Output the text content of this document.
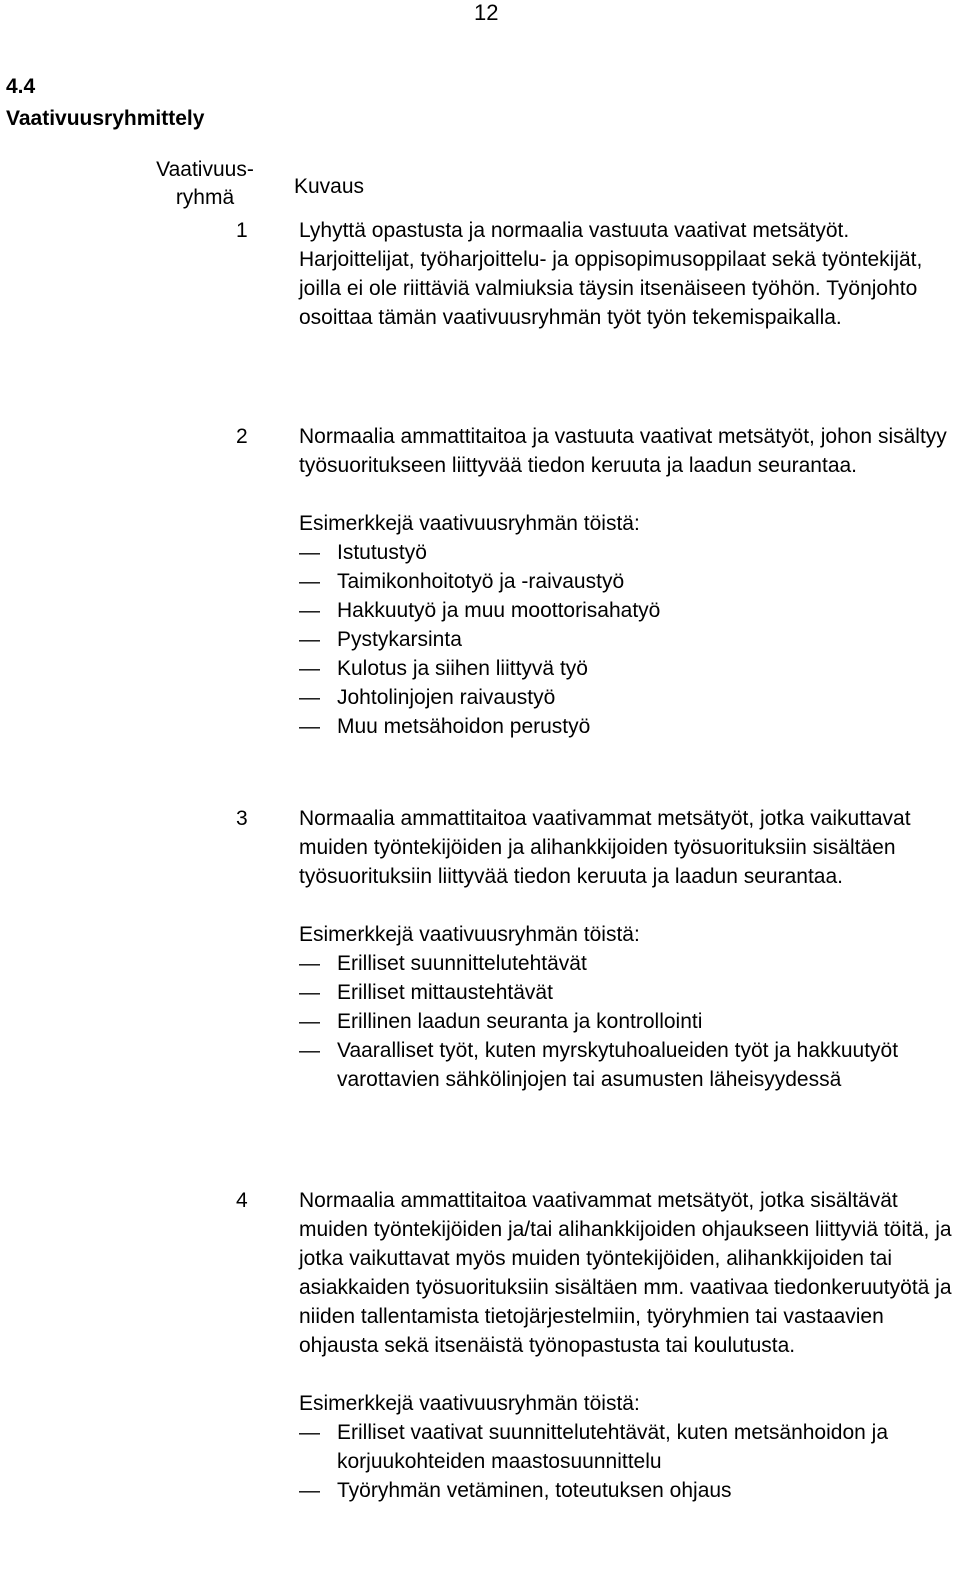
12
4.4
Vaativuusryhmittely
Vaativuus-
ryhmä	Kuvaus
1	Lyhyttä opastusta ja normaalia vastuuta vaativat metsätyöt. Harjoittelijat, työharjoittelu- ja oppisopimusoppilaat sekä työntekijät, joilla ei ole riittäviä valmiuksia täysin itsenäiseen työhön. Työnjohto osoittaa tämän vaativuusryhmän työt työn tekemispaikalla.

2	Normaalia ammattitaitoa ja vastuuta vaativat metsätyöt, johon sisältyy työsuoritukseen liittyvää tiedon keruuta ja laadun seurantaa.

Esimerkkejä vaativuusryhmän töistä:

— Istutustyö
— Taimikonhoitotyö ja -raivaustyö
— Hakkuutyö ja muu moottorisahatyö
— Pystykarsinta
— Kulotus ja siihen liittyvä työ
— Johtolinjojen raivaustyö
— Muu metsähoidon perustyö
3	Normaalia ammattitaitoa vaativammat metsätyöt, jotka vaikuttavat muiden työntekijöiden ja alihankkijoiden työsuorituksiin sisältäen työsuorituksiin liittyvää tiedon keruuta ja laadun seurantaa.

Esimerkkejä vaativuusryhmän töistä:

— Erilliset suunnittelutehtävät
— Erilliset mittaustehtävät
— Erillinen laadun seuranta ja kontrollointi
— Vaaralliset työt, kuten myrskytuhoalueiden työt ja hakkuutyöt varottavien sähkölinjojen tai asumusten läheisyydessä
4	Normaalia ammattitaitoa vaativammat metsätyöt, jotka sisältävät muiden työntekijöiden ja/tai alihankkijoiden ohjaukseen liittyviä töitä, ja jotka vaikuttavat myös muiden työntekijöiden, alihankkijoiden tai asiakkaiden työsuorituksiin sisältäen mm. vaativaa tiedonkeruutyötä ja niiden tallentamista tietojärjestelmiin, työryhmien tai vastaavien ohjausta sekä itsenäistä työnopastusta tai koulutusta.

Esimerkkejä vaativuusryhmän töistä:

— Erilliset vaativat suunnittelutehtävät, kuten metsänhoidon ja korjuukohteiden maastosuunnittelu
— Työryhmän vetäminen, toteutuksen ohjaus
